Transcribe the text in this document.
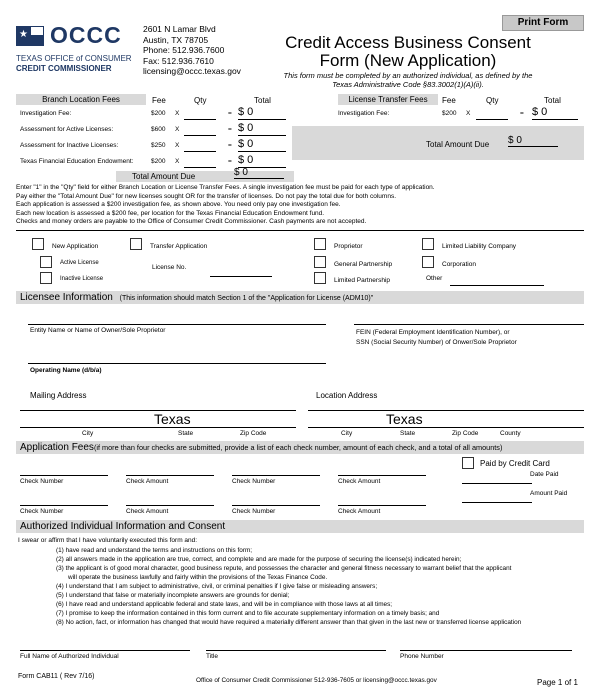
★ OCCC
TEXAS OFFICE of CONSUMER
CREDIT COMMISSIONER
2601 N Lamar Blvd
Austin, TX 78705
Phone: 512.936.7600
Fax: 512.936.7610
licensing@occc.texas.gov
Print Form
Credit Access Business Consent
Form (New Application)
This form must be completed by an authorized individual, as defined by the
Texas Administrative Code §83.3002(1)(A)(ii).
Branch Location Fees	Fee	Qty	Total	License Transfer Fees	Fee	Qty	Total
Investigation Fee:	$200 X	= $ 0
Assessment for Active Licenses:	$600 X	= $ 0
Assessment for Inactive Licenses:	$250 X	= $ 0
Texas Financial Education Endowment:	$200 X	= $ 0
Total Amount Due	$ 0
Investigation Fee:	$200 X	= $ 0
Total Amount Due $ 0
Enter "1" in the "Qty" field for either Branch Location or License Transfer Fees. A single investigation fee must be paid for each type of application.
Pay either the "Total Amount Due" for new licenses sought OR for the transfer of licenses. Do not pay the total due for both columns.
Each application is assessed a $200 investigation fee, as shown above. You need only pay one investigation fee.
Each new location is assessed a $200 fee, per location for the Texas Financial Education Endowment fund.
Checks and money orders are payable to the Office of Consumer Credit Commissioner. Cash payments are not accepted.
New Application	Transfer Application
Active License
Inactive License
License No.
Proprietor
General Partnership
Limited Partnership
Limited Liability Company
Corporation
Other
Licensee Information (This information should match Section 1 of the "Application for License (ADM10)"
Entity Name or Name of Owner/Sole Proprietor	FEIN (Federal Employment Identification Number), or
SSN (Social Security Number) of Onwer/Sole Proprietor
Operating Name (d/b/a)
Mailing Address	Location Address
Texas	Texas
City	State	Zip Code	City	State	Zip Code	County
Application Fees(if more than four checks are submitted, provide a list of each check number, amount of each check, and a total of all amounts)
Paid by Credit Card
Date Paid
Amount Paid
Check Number	Check Amount	Check Number	Check Amount
Check Number	Check Amount	Check Number	Check Amount
Authorized Individual Information and Consent
I swear or affirm that I have voluntarily executed this form and:
(1) have read and understand the terms and instructions on this form;
(2) all answers made in the application are true, correct, and complete and are made for the purpose of securing the license(s) indicated herein;
(3) the applicant is of good moral character, good business repute, and possesses the character and general fitness necessary to warrant belief that the applicant
will operate the business lawfully and fairly within the provisions of the Texas Finance Code.
(4) I understand that I am subject to administrative, civil, or criminal penalties if I give false or misleading answers;
(5) I understand that false or materially incomplete answers are grounds for denial;
(6) I have read and understand applicable federal and state laws, and will be in compliance with those laws at all times;
(7) I promise to keep the information contained in this form current and to file accurate supplementary information on a timely basis; and
(8) No action, fact, or information has changed that would have required a materially different answer than that given in the last new or transferred license application
Full Name of Authorized Individual	Title	Phone Number
Form CAB11 ( Rev 7/16)
Office of Consumer Credit Commissioner 512-936-7605 or licensing@occc.texas.gov	Page 1 of 1
